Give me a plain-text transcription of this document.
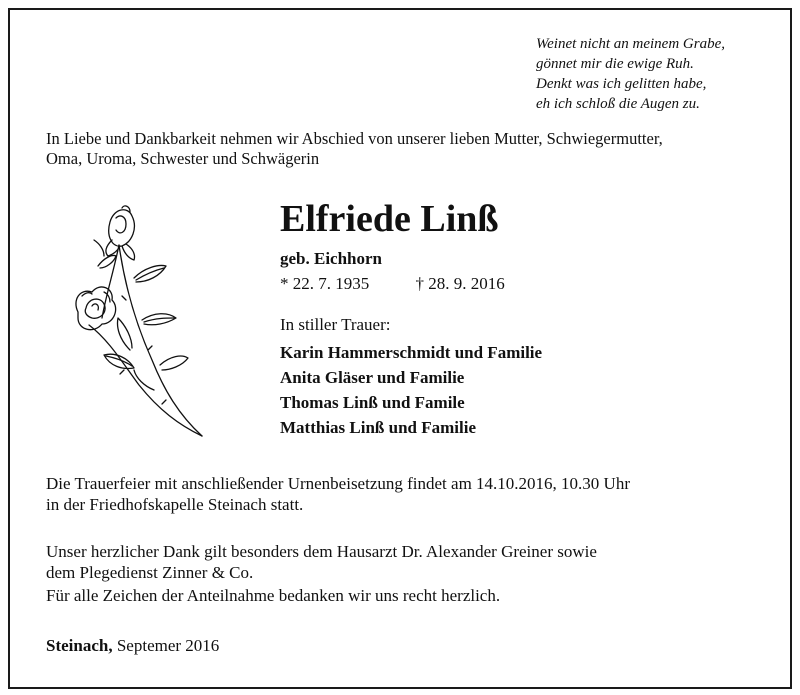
Weinet nicht an meinem Grabe,
gönnet mir die ewige Ruh.
Denkt was ich gelitten habe,
eh ich schloß die Augen zu.
In Liebe und Dankbarkeit nehmen wir Abschied von unserer lieben Mutter, Schwiegermutter,
Oma, Uroma, Schwester und Schwägerin
Elfriede Linß
geb. Eichhorn
* 22. 7. 1935	† 28. 9. 2016
In stiller Trauer:
Karin Hammerschmidt und Familie
Anita Gläser und Familie
Thomas Linß und Famile
Matthias Linß und Familie
Die Trauerfeier mit anschließender Urnenbeisetzung findet am 14.10.2016, 10.30 Uhr
in der Friedhofskapelle Steinach statt.
Unser herzlicher Dank gilt besonders dem Hausarzt Dr. Alexander Greiner sowie
dem Plegedienst Zinner & Co.
Für alle Zeichen der Anteilnahme bedanken wir uns recht herzlich.
Steinach, Septemer 2016
